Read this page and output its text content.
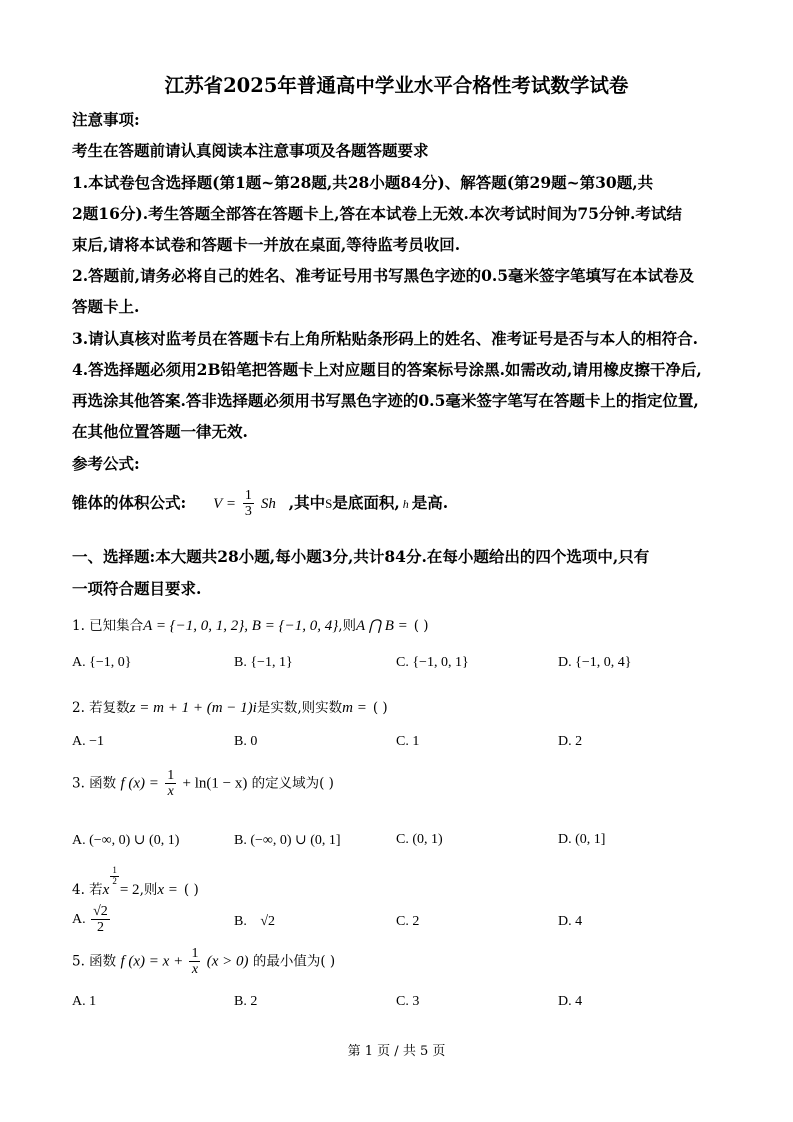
江苏省2025年普通高中学业水平合格性考试数学试卷
注意事项:
考生在答题前请认真阅读本注意事项及各题答题要求
1.本试卷包含选择题(第1题~第28题,共28小题84分)、解答题(第29题~第30题,共
2题16分).考生答题全部答在答题卡上,答在本试卷上无效.本次考试时间为75分钟.考试结
束后,请将本试卷和答题卡一并放在桌面,等待监考员收回.
2.答题前,请务必将自己的姓名、准考证号用书写黑色字迹的0.5毫米签字笔填写在本试卷及
答题卡上.
3.请认真核对监考员在答题卡右上角所粘贴条形码上的姓名、准考证号是否与本人的相符合.
4.答选择题必须用2B铅笔把答题卡上对应题目的答案标号涂黑.如需改动,请用橡皮擦干净后,
再选涂其他答案.答非选择题必须用书写黑色字迹的0.5毫米签字笔写在答题卡上的指定位置,
在其他位置答题一律无效.
参考公式:
锥体的体积公式: $V = \frac{1}{3}$ Sh ,其中S是底面积, h 是高.
一、选择题:本大题共28小题,每小题3分,共计84分.在每小题给出的四个选项中,只有
一项符合题目要求.
1. 已知集合A = {−1, 0, 1, 2}, B = {−1, 0, 4},则A ⋂ B = ( )
A. {−1, 0}	B. {−1, 1}	C. {−1, 0, 1}	D. {−1, 0, 4}
2. 若复数z = m + 1 + (m − 1)i是实数,则实数m = ( )
A. −1	B. 0	C. 1	D. 2
3. 函数 f $(x) = \frac{1}{x} + \ln(1 - x)$ 的定义域为( )
A. (−∞, 0) ∪ (0, 1)	B. (−∞, 0) ∪ (0, 1]	C. (0, 1)	D. (0, 1]
4. 若x
$\frac{1}{2}$
= 2,则x = ( )
A. $\frac{√2}{2}$	B. √2	C. 2	D. 4
5. 函数 f $(x) = x + \frac{1}{x} (x > 0)$ 的最小值为( )
A. 1	B. 2	C. 3	D. 4
第 1 页 / 共 5 页
